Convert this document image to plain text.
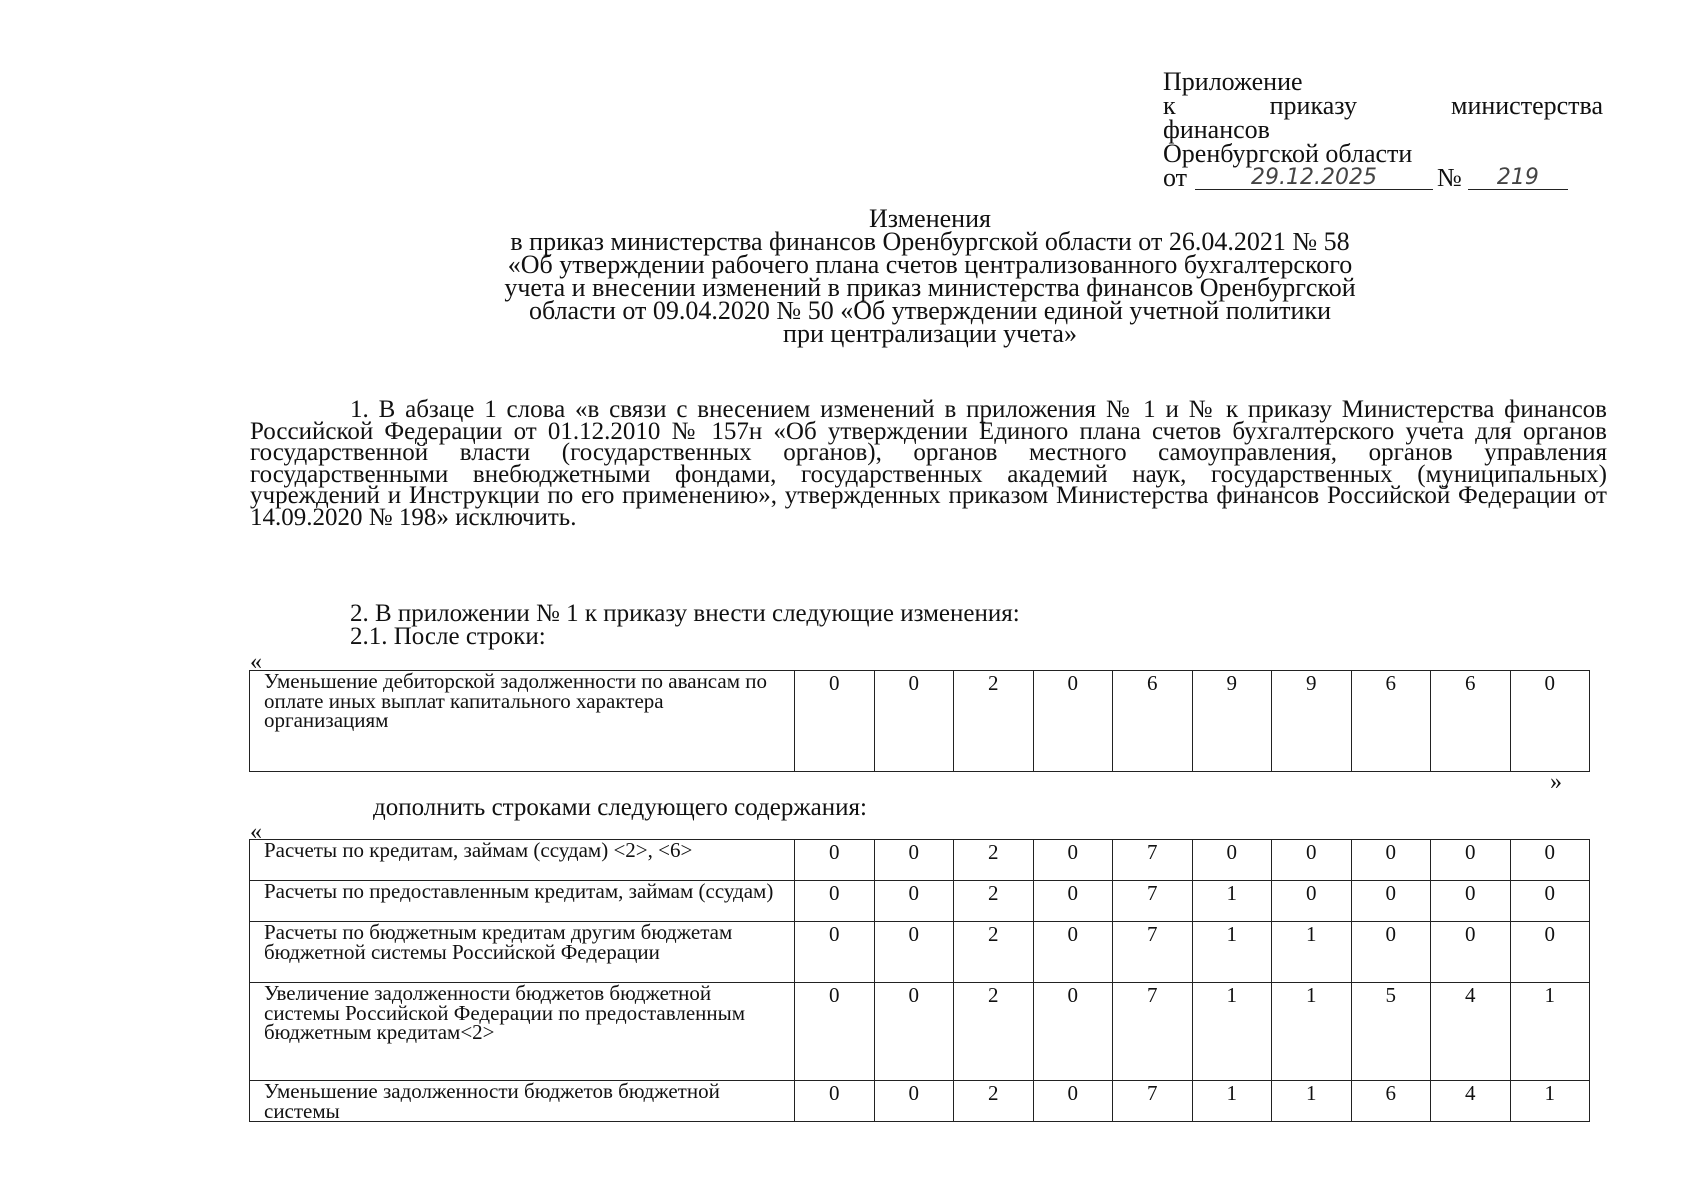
Приложение
к	приказу	министерства
финансов
Оренбургской области
от	29.12.2025	№	219
Изменения
в приказ министерства финансов Оренбургской области от 26.04.2021 № 58
«Об утверждении рабочего плана счетов централизованного бухгалтерского
учета и внесении изменений в приказ министерства финансов Оренбургской
области от 09.04.2020 № 50 «Об утверждении единой учетной политики
при централизации учета»
1. В абзаце 1 слова «в связи с внесением изменений в приложения № 1 и № к приказу Министерства финансов Российской Федерации от 01.12.2010 № 157н «Об утверждении Единого плана счетов бухгалтерского учета для органов государственной власти (государственных органов), органов местного самоуправления, органов управления государственными внебюджетными фондами, государственных академий наук, государственных (муниципальных) учреждений и Инструкции по его применению», утвержденных приказом Министерства финансов Российской Федерации от 14.09.2020 № 198» исключить.
2. В приложении № 1 к приказу внести следующие изменения:
2.1. После строки:
«
Уменьшение дебиторской задолженности по авансам по оплате иных выплат капитального характера организациям	0	0	2	0	6	9	9	6	6	0
»
дополнить строками следующего содержания:
«
Расчеты по кредитам, займам (ссудам) <2>, <6>	0	0	2	0	7	0	0	0	0	0
Расчеты по предоставленным кредитам, займам (ссудам)	0	0	2	0	7	1	0	0	0	0
Расчеты по бюджетным кредитам другим бюджетам бюджетной системы Российской Федерации	0	0	2	0	7	1	1	0	0	0
Увеличение задолженности бюджетов бюджетной системы Российской Федерации по предоставленным бюджетным кредитам<2>	0	0	2	0	7	1	1	5	4	1
Уменьшение задолженности бюджетов бюджетной системы	0	0	2	0	7	1	1	6	4	1
